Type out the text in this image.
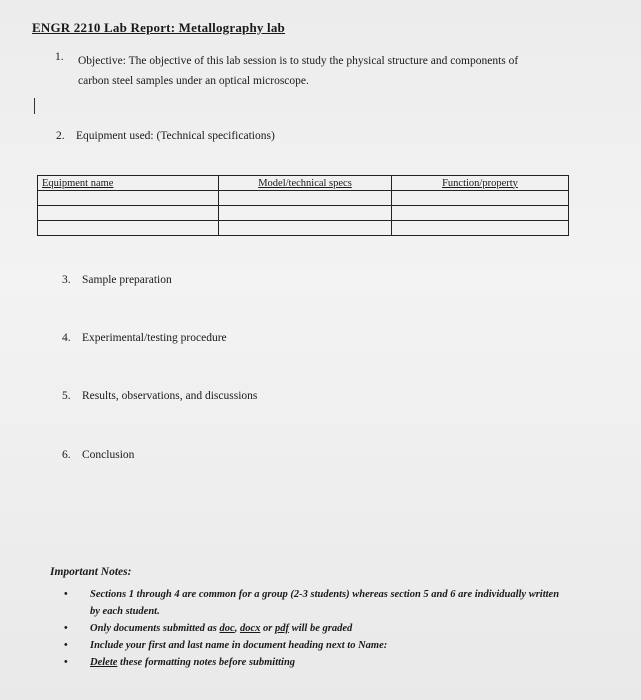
ENGR 2210 Lab Report: Metallography lab
1. Objective: The objective of this lab session is to study the physical structure and components of carbon steel samples under an optical microscope.
2. Equipment used: (Technical specifications)
Equipment name	Model/technical specs	Function/property

3. Sample preparation
4. Experimental/testing procedure
5. Results, observations, and discussions
6. Conclusion
Important Notes:
• Sections 1 through 4 are common for a group (2-3 students) whereas section 5 and 6 are individually written by each student.
• Only documents submitted as doc, docx or pdf will be graded
• Include your first and last name in document heading next to Name:
• Delete these formatting notes before submitting
